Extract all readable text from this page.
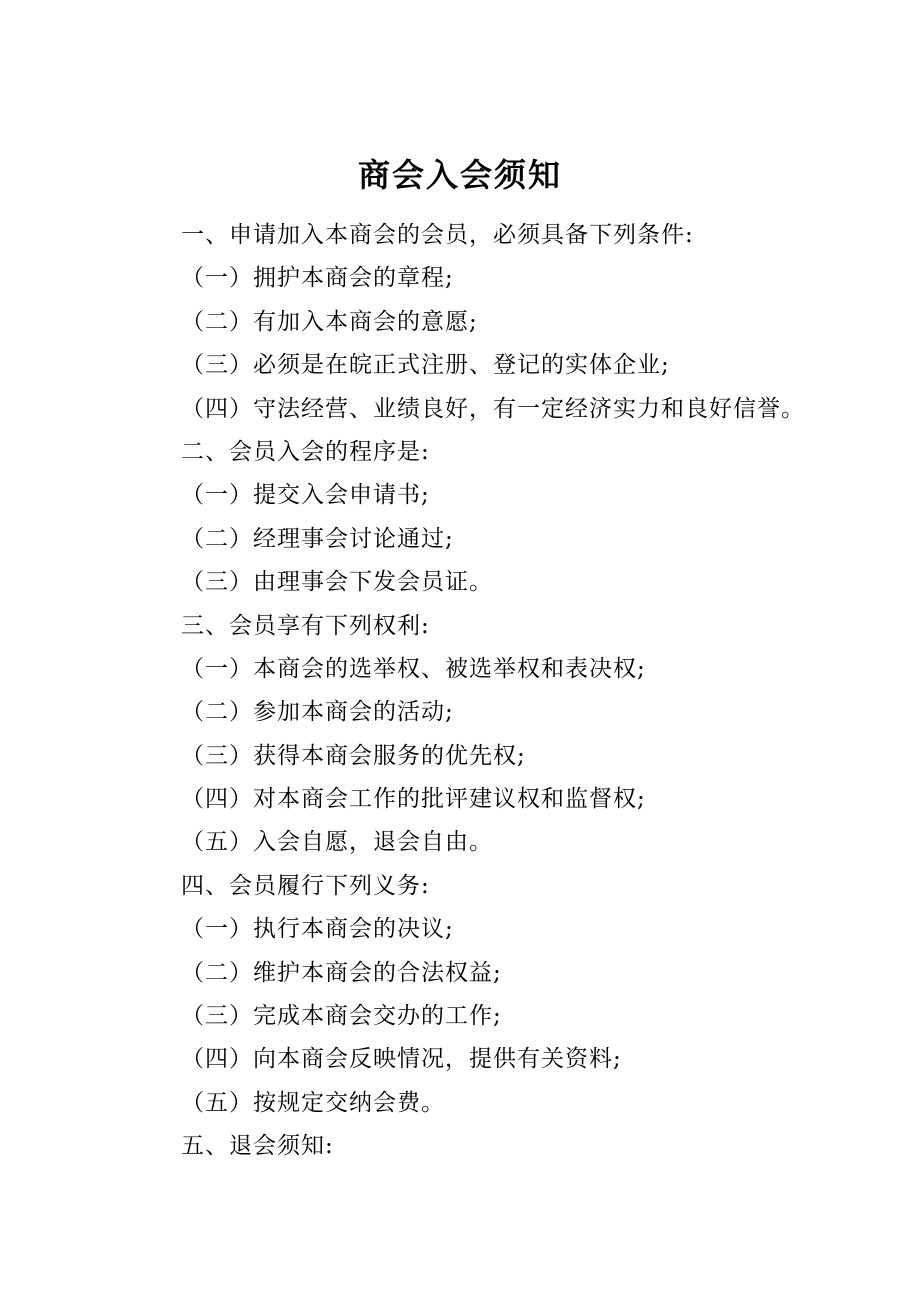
商会入会须知
一、申请加入本商会的会员，必须具备下列条件:
（一）拥护本商会的章程;
（二）有加入本商会的意愿;
（三）必须是在皖正式注册、登记的实体企业;
（四）守法经营、业绩良好，有一定经济实力和良好信誉。
二、会员入会的程序是:
（一）提交入会申请书;
（二）经理事会讨论通过;
（三）由理事会下发会员证。
三、会员享有下列权利:
（一）本商会的选举权、被选举权和表决权;
（二）参加本商会的活动;
（三）获得本商会服务的优先权;
（四）对本商会工作的批评建议权和监督权;
（五）入会自愿，退会自由。
四、会员履行下列义务:
（一）执行本商会的决议;
（二）维护本商会的合法权益;
（三）完成本商会交办的工作;
（四）向本商会反映情况，提供有关资料;
（五）按规定交纳会费。
五、退会须知:
